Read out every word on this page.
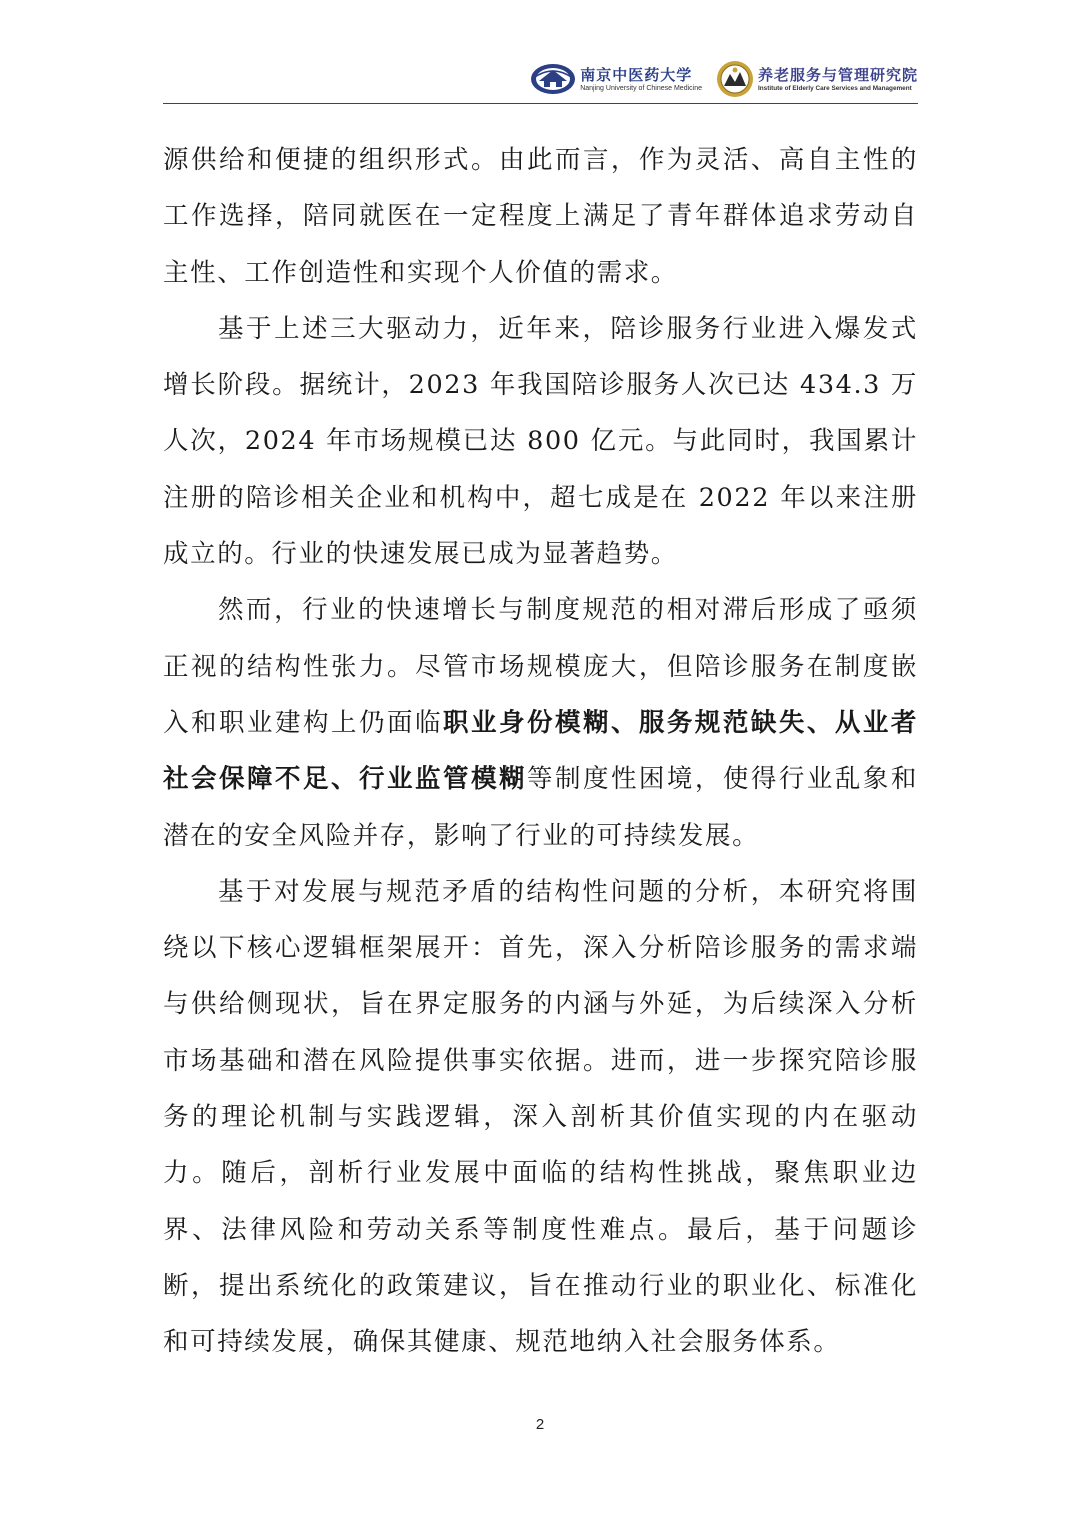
南京中医药大学
Nanjing University of Chinese Medicine
养老服务与管理研究院
Institute of Elderly Care Services and Management

源供给和便捷的组织形式。由此而言，作为灵活、高自主性的工作选择，陪同就医在一定程度上满足了青年群体追求劳动自主性、工作创造性和实现个人价值的需求。

基于上述三大驱动力，近年来，陪诊服务行业进入爆发式增长阶段。据统计，2023 年我国陪诊服务人次已达 434.3 万人次，2024 年市场规模已达 800 亿元。与此同时，我国累计注册的陪诊相关企业和机构中，超七成是在 2022 年以来注册成立的。行业的快速发展已成为显著趋势。

然而，行业的快速增长与制度规范的相对滞后形成了亟须正视的结构性张力。尽管市场规模庞大，但陪诊服务在制度嵌入和职业建构上仍面临职业身份模糊、服务规范缺失、从业者社会保障不足、行业监管模糊等制度性困境，使得行业乱象和潜在的安全风险并存，影响了行业的可持续发展。

基于对发展与规范矛盾的结构性问题的分析，本研究将围绕以下核心逻辑框架展开：首先，深入分析陪诊服务的需求端与供给侧现状，旨在界定服务的内涵与外延，为后续深入分析市场基础和潜在风险提供事实依据。进而，进一步探究陪诊服务的理论机制与实践逻辑，深入剖析其价值实现的内在驱动力。随后，剖析行业发展中面临的结构性挑战，聚焦职业边界、法律风险和劳动关系等制度性难点。最后，基于问题诊断，提出系统化的政策建议，旨在推动行业的职业化、标准化和可持续发展，确保其健康、规范地纳入社会服务体系。

2
